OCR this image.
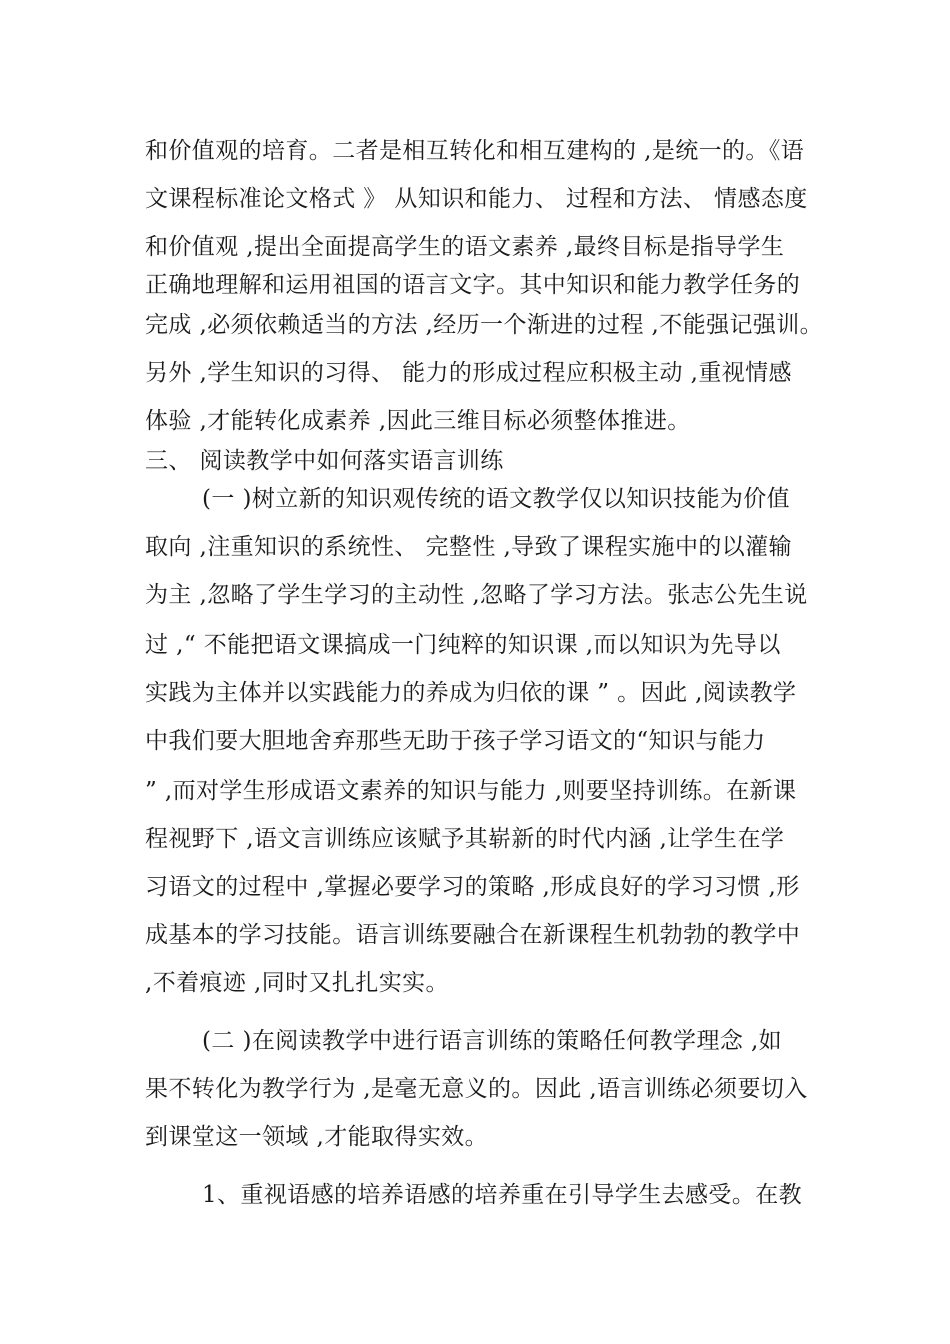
和价值观的培育。二者是相互转化和相互建构的 ,是统一的。《语
文课程标准论文格式 》 从知识和能力、 过程和方法、 情感态度
和价值观 ,提出全面提高学生的语文素养 ,最终目标是指导学生
正确地理解和运用祖国的语言文字。其中知识和能力教学任务的
完成 ,必须依赖适当的方法 ,经历一个渐进的过程 ,不能强记强训。
另外 ,学生知识的习得、 能力的形成过程应积极主动 ,重视情感
体验 ,才能转化成素养 ,因此三维目标必须整体推进。
三、 阅读教学中如何落实语言训练
(一 )树立新的知识观传统的语文教学仅以知识技能为价值
取向 ,注重知识的系统性、 完整性 ,导致了课程实施中的以灌输
为主 ,忽略了学生学习的主动性 ,忽略了学习方法。张志公先生说
过 ,“ 不能把语文课搞成一门纯粹的知识课 ,而以知识为先导以
实践为主体并以实践能力的养成为归依的课 ” 。因此 ,阅读教学
中我们要大胆地舍弃那些无助于孩子学习语文的“知识与能力
” ,而对学生形成语文素养的知识与能力 ,则要坚持训练。在新课
程视野下 ,语文言训练应该赋予其崭新的时代内涵 ,让学生在学
习语文的过程中 ,掌握必要学习的策略 ,形成良好的学习习惯 ,形
成基本的学习技能。语言训练要融合在新课程生机勃勃的教学中
,不着痕迹 ,同时又扎扎实实。
(二 )在阅读教学中进行语言训练的策略任何教学理念 ,如
果不转化为教学行为 ,是毫无意义的。因此 ,语言训练必须要切入
到课堂这一领域 ,才能取得实效。
1、重视语感的培养语感的培养重在引导学生去感受。在教
